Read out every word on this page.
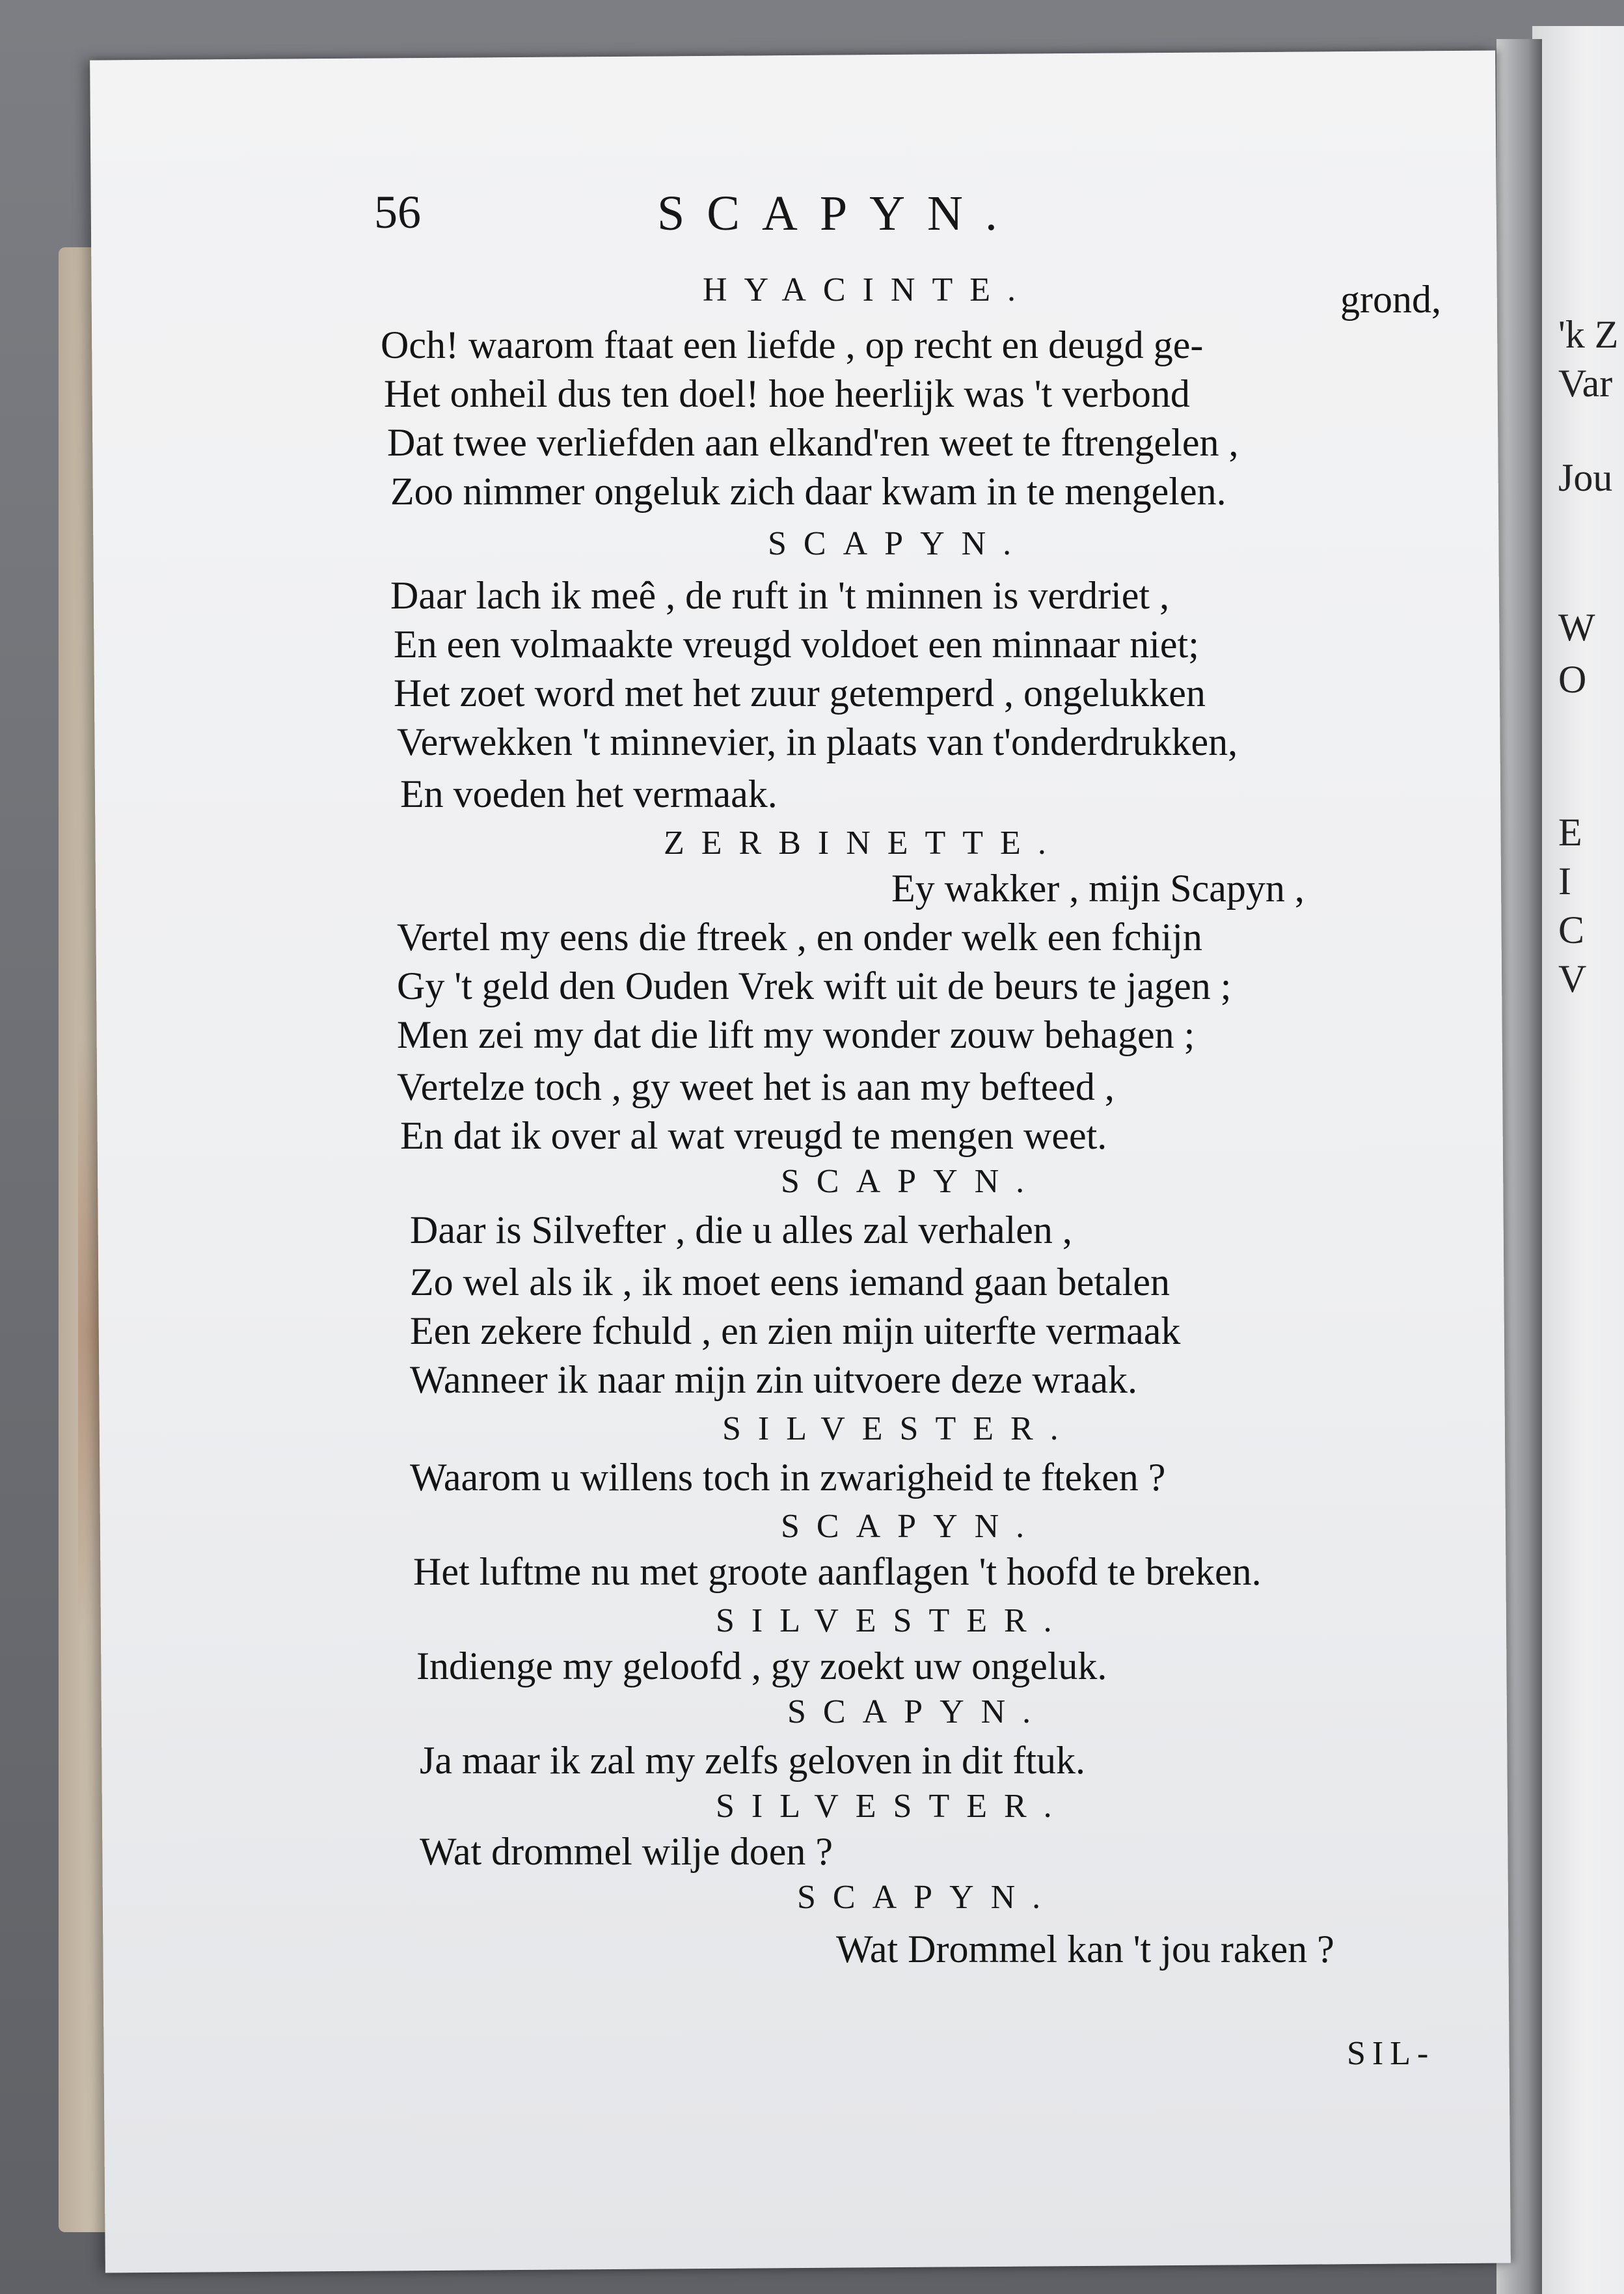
'k Z
Var
Jou
W
O
E
I
C
V
56	SCAPYN.
HYACINTE.	grond,
Och! waarom ftaat een liefde , op recht en deugd ge-
Het onheil dus ten doel! hoe heerlijk was 't verbond
Dat twee verliefden aan elkand'ren weet te ftrengelen ,
Zoo nimmer ongeluk zich daar kwam in te mengelen.
SCAPYN.
Daar lach ik meê , de ruft in 't minnen is verdriet ,
En een volmaakte vreugd voldoet een minnaar niet;
Het zoet word met het zuur getemperd , ongelukken
Verwekken 't minnevier, in plaats van t'onderdrukken,
En voeden het vermaak.
ZERBINETTE.
Ey wakker , mijn Scapyn ,
Vertel my eens die ftreek , en onder welk een fchijn
Gy 't geld den Ouden Vrek wift uit de beurs te jagen ;
Men zei my dat die lift my wonder zouw behagen ;
Vertelze toch , gy weet het is aan my befteed ,
En dat ik over al wat vreugd te mengen weet.
SCAPYN.
Daar is Silvefter , die u alles zal verhalen ,
Zo wel als ik , ik moet eens iemand gaan betalen
Een zekere fchuld , en zien mijn uiterfte vermaak
Wanneer ik naar mijn zin uitvoere deze wraak.
SILVESTER.
Waarom u willens toch in zwarigheid te fteken ?
SCAPYN.
Het luftme nu met groote aanflagen 't hoofd te breken.
SILVESTER.
Indienge my geloofd , gy zoekt uw ongeluk.
SCAPYN.
Ja maar ik zal my zelfs geloven in dit ftuk.
SILVESTER.
Wat drommel wilje doen ?
SCAPYN.
Wat Drommel kan 't jou raken ?
SIL-
